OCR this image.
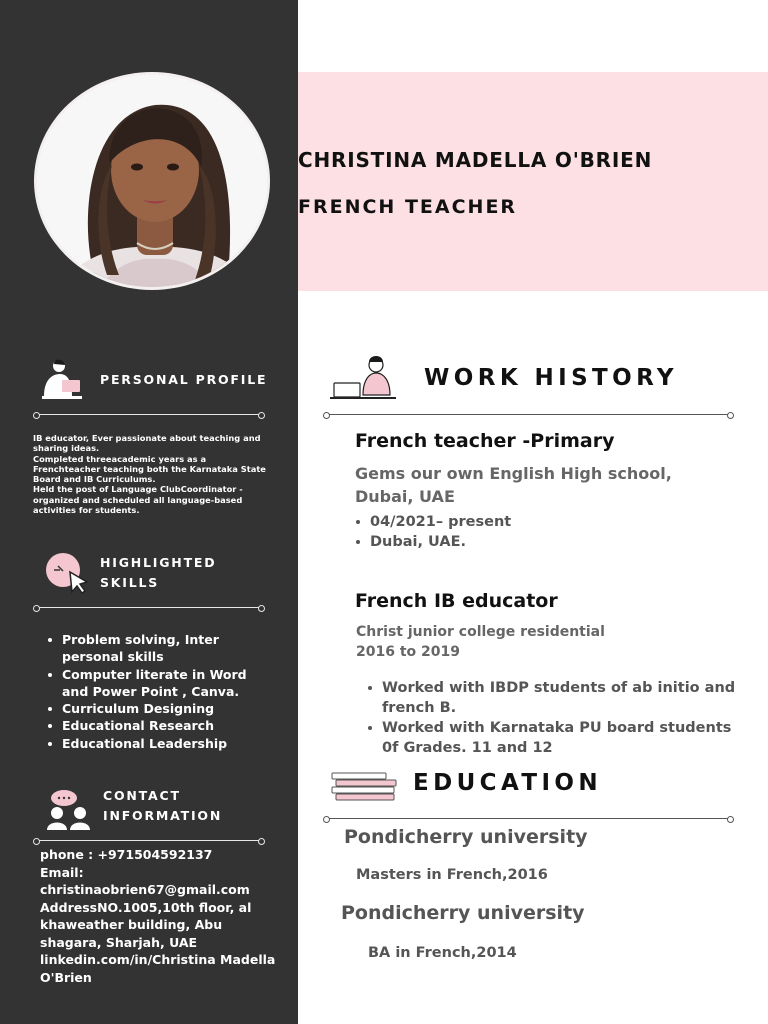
CHRISTINA MADELLA O'BRIEN
FRENCH TEACHER
PERSONAL PROFILE

IB educator, Ever passionate about teaching and sharing ideas.

Completed threeacademic years as a Frenchteacher teaching both the Karnataka State Board and IB Curriculums.

Held the post of Language ClubCoordinator - organized and scheduled all language-based activities for students.

HIGHLIGHTED
SKILLS
Problem solving, Inter personal skills
Computer literate in Word and Power Point , Canva.
Curriculum Designing
Educational Research
Educational Leadership
CONTACT
INFORMATION
phone : +971504592137
Email:
christinaobrien67@gmail.com
AddressNO.1005,10th floor, al khaweather building, Abu shagara, Sharjah, UAE
linkedin.com/in/Christina Madella O'Brien
WORK HISTORY
French teacher -Primary
Gems our own English High school, Dubai, UAE
04/2021– present
Dubai, UAE.
French IB educator
Christ junior college residential
2016 to 2019
Worked with IBDP students of ab initio and french B.
Worked with Karnataka PU board students 0f Grades. 11 and 12
EDUCATION
Pondicherry university
Masters in French,2016
Pondicherry university
BA in French,2014
